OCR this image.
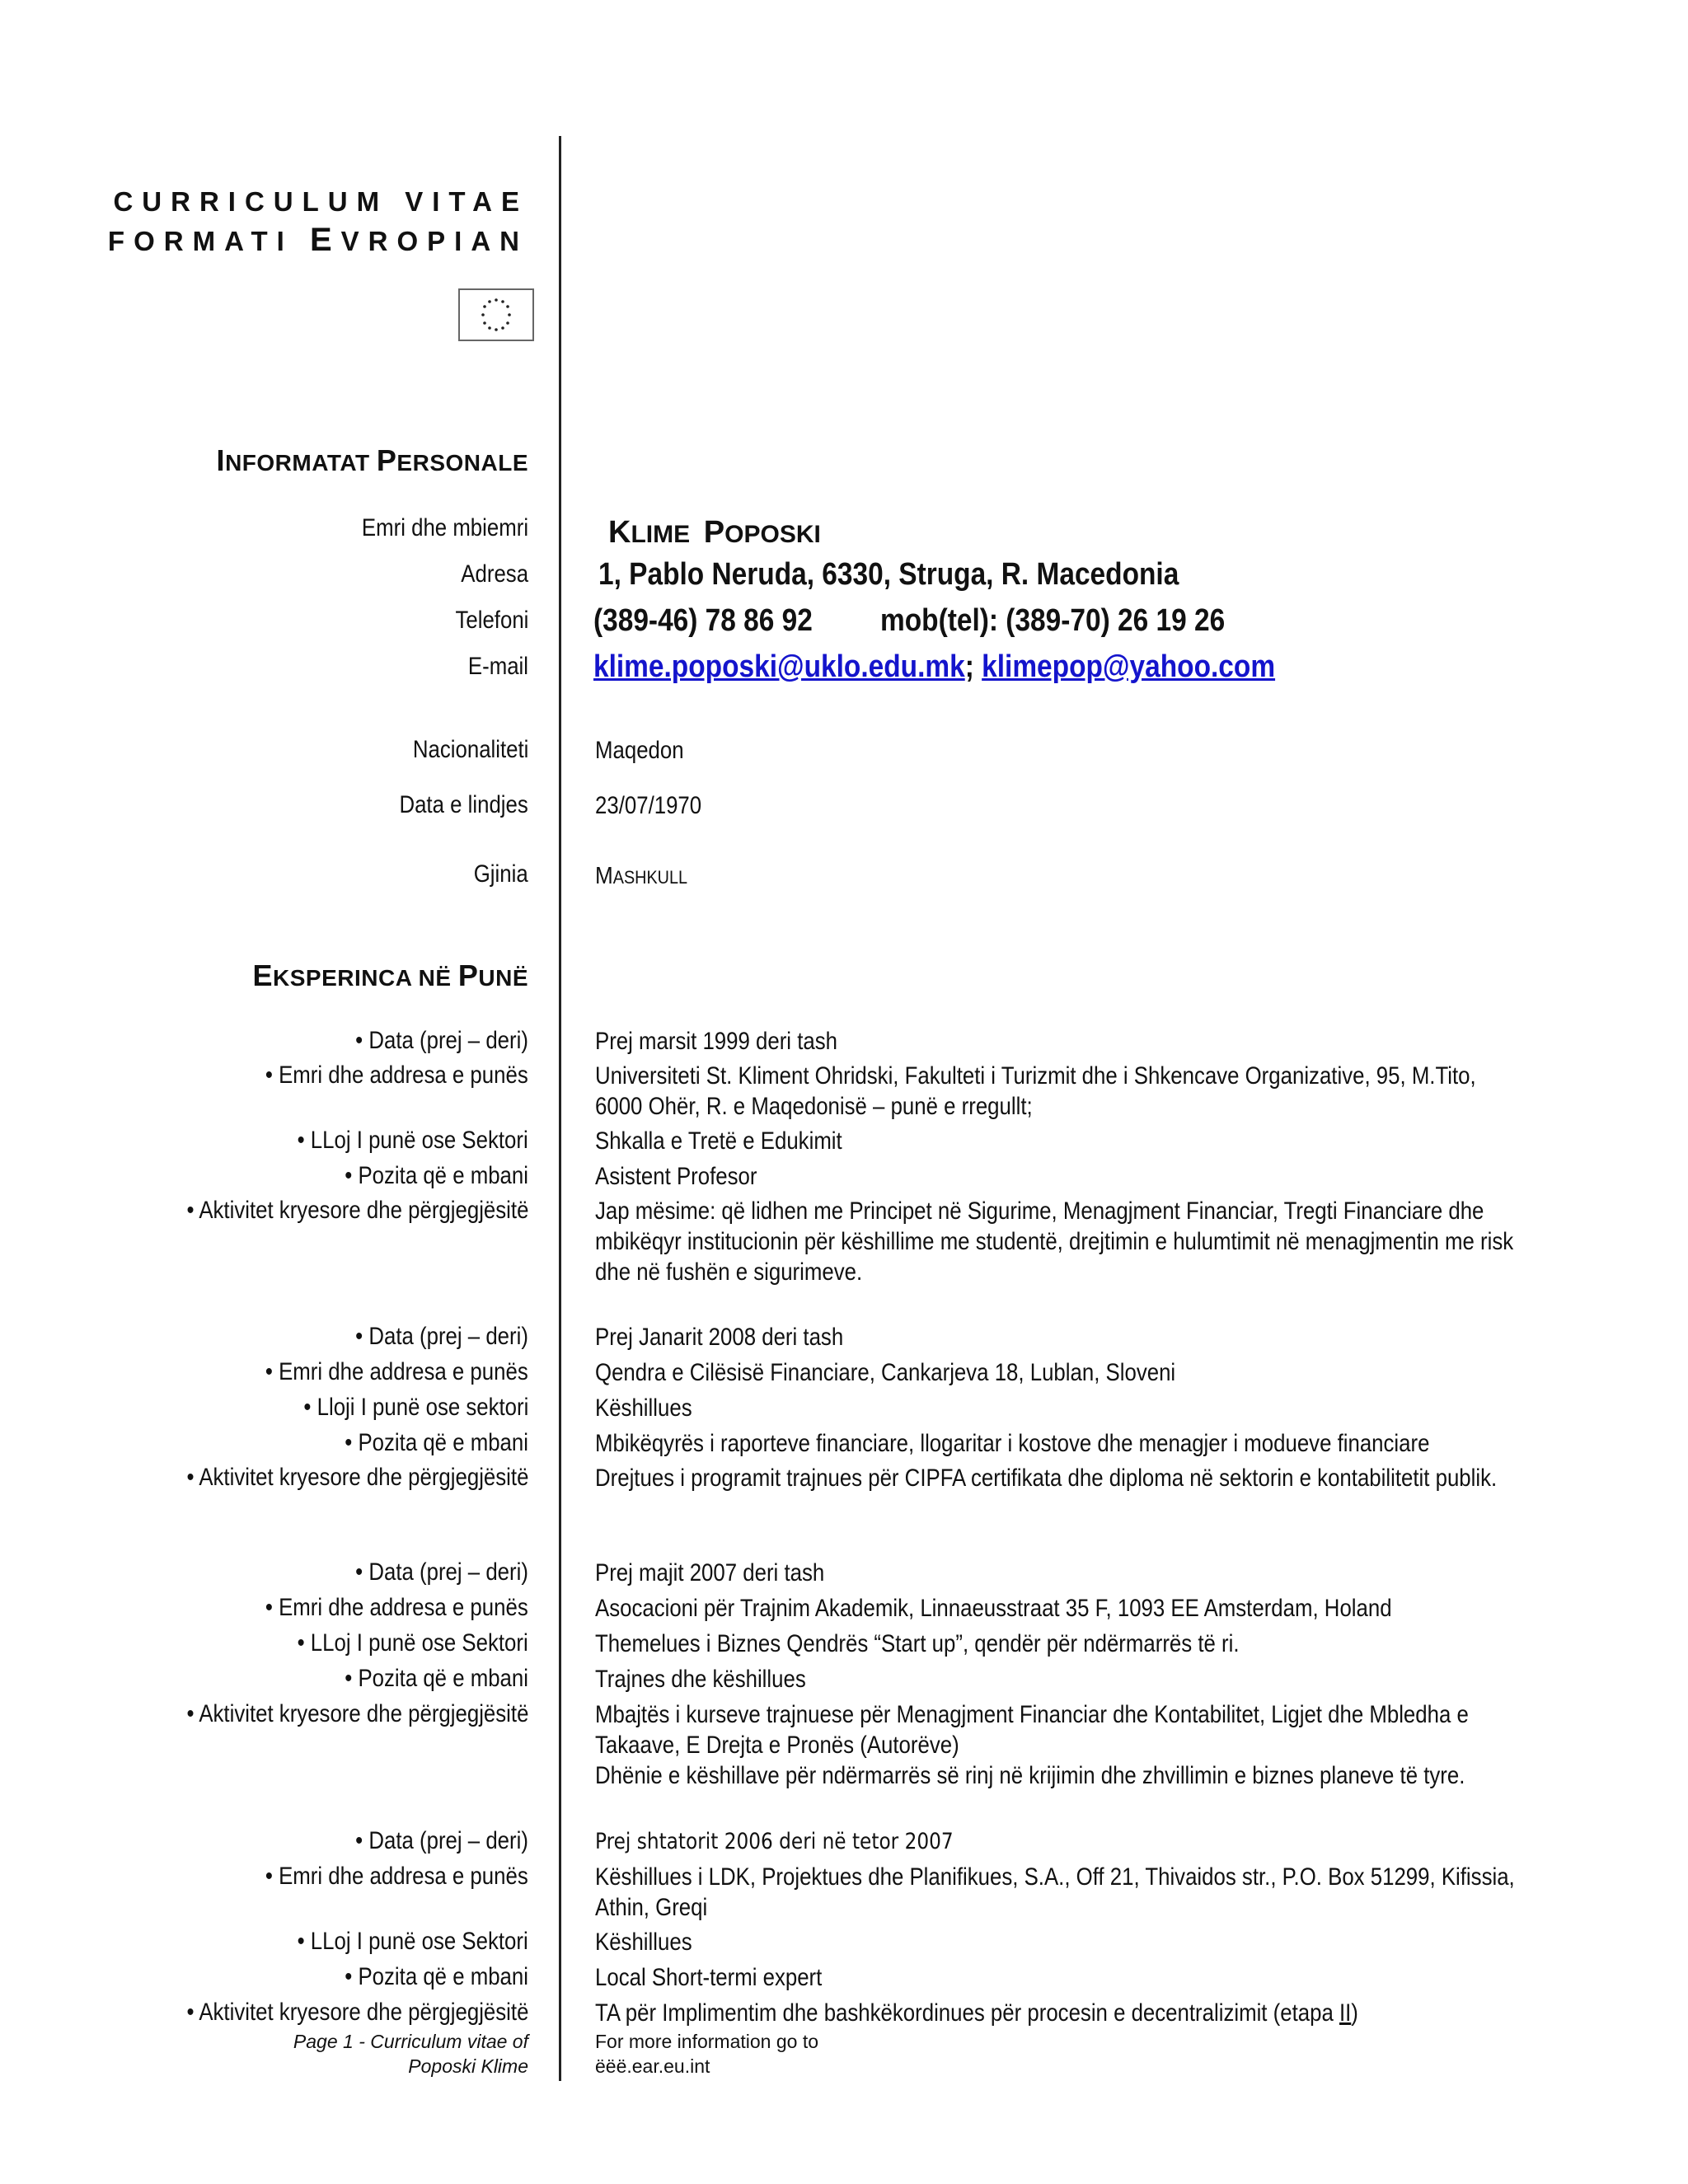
CURRICULUM VITAE
FORMATI EVROPIAN
INFORMATAT PERSONALE
Emri dhe mbiemri	KLIME POPOSKI
Adresa 1, Pablo Neruda, 6330, Struga, R. Macedonia
Telefoni (389-46) 78 86 92 mob(tel): (389-70) 26 19 26
E-mail klime.poposki@uklo.edu.mk; klimepop@yahoo.com
Nacionaliteti	Maqedon
Data e lindjes	23/07/1970
Gjinia	MASHKULL
EKSPERINCA NË PUNË
• Data (prej – deri)	Prej marsit 1999 deri tash
• Emri dhe addresa e punës	Universiteti St. Kliment Ohridski, Fakulteti i Turizmit dhe i Shkencave Organizative, 95, M.Tito, 6000 Ohër, R. e Maqedonisë – punë e rregullt;
• LLoj I punë ose Sektori	Shkalla e Tretë e Edukimit
• Pozita që e mbani	Asistent Profesor
• Aktivitet kryesore dhe përgjegjësitë	Jap mësime: që lidhen me Principet në Sigurime, Menagjment Financiar, Tregti Financiare dhe mbikëqyr institucionin për këshillime me studentë, drejtimin e hulumtimit në menagjmentin me risk dhe në fushën e sigurimeve.
• Data (prej – deri)	Prej Janarit 2008 deri tash
• Emri dhe addresa e punës	Qendra e Cilësisë Financiare, Cankarjeva 18, Lublan, Sloveni
• Lloji I punë ose sektori	Këshillues
• Pozita që e mbani	Mbikëqyrës i raporteve financiare, llogaritar i kostove dhe menagjer i modueve financiare
• Aktivitet kryesore dhe përgjegjësitë	Drejtues i programit trajnues për CIPFA certifikata dhe diploma në sektorin e kontabilitetit publik.
• Data (prej – deri)	Prej majit 2007 deri tash
• Emri dhe addresa e punës	Asocacioni për Trajnim Akademik, Linnaeusstraat 35 F, 1093 EE Amsterdam, Holand
• LLoj I punë ose Sektori	Themelues i Biznes Qendrës “Start up”, qendër për ndërmarrës të ri.
• Pozita që e mbani	Trajnes dhe këshillues
• Aktivitet kryesore dhe përgjegjësitë	Mbajtës i kurseve trajnuese për Menagjment Financiar dhe Kontabilitet, Ligjet dhe Mbledha e Takaave, E Drejta e Pronës (Autorëve)
Dhënie e këshillave për ndërmarrës së rinj në krijimin dhe zhvillimin e biznes planeve të tyre.
• Data (prej – deri)	Prej shtatorit 2006 deri në tetor 2007
• Emri dhe addresa e punës	Këshillues i LDK, Projektues dhe Planifikues, S.A., Off 21, Thivaidos str., P.O. Box 51299, Kifissia, Athin, Greqi
• LLoj I punë ose Sektori	Këshillues
• Pozita që e mbani	Local Short-termi expert
• Aktivitet kryesore dhe përgjegjësitë	TA për Implimentim dhe bashkëkordinues për procesin e decentralizimit (etapa II)
Page 1 - Curriculum vitae of
Poposki Klime
For more information go to
ëëë.ear.eu.int
